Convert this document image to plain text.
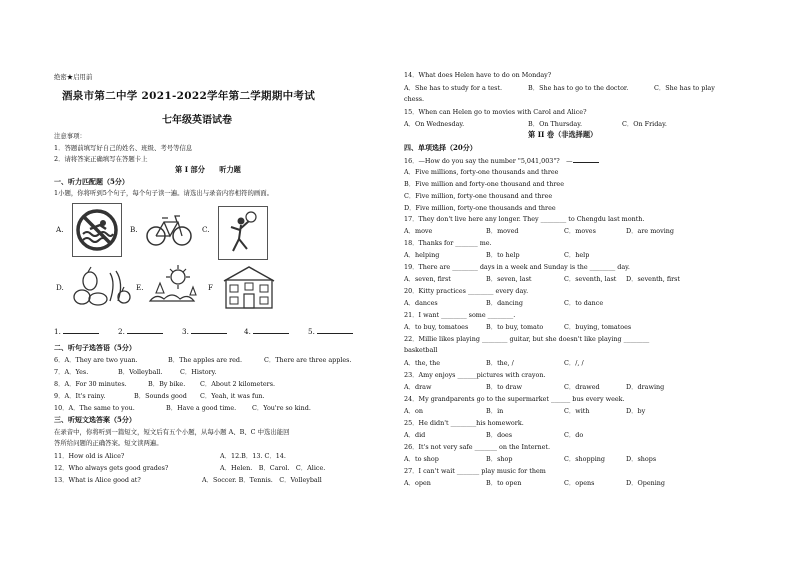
绝密★启用前
酒泉市第二中学 2021-2022学年第二学期期中考试
七年级英语试卷
注意事项：
1．答题前填写好自己的姓名、班级、考号等信息
2．请将答案正确填写在答题卡上
第 I 部分　　听力题
一、听力匹配题（5分）
1小题，你将听到5个句子，每个句子读一遍。请选出与录音内容相符的画面。
A.	B.	C.
D.	E.	F
1.	2.	3.	4.	5.
二、听句子选答语（5分）
6．A．They are two yuan.	B．The apples are red.	C．There are three apples.
7．A．Yes.	B．Volleyball.	C．History.
8．A．For 30 minutes.	B．By bike. C．About 2 kilometers.
9．A．It's rainy.	B．Sounds good C．Yeah, it was fun.
10．A．The same to you.	B．Have a good time. C．You're so kind.
三、听短文选答案（5分）
在录音中，你将听到一篇短文，短文后有五个小题，从每小题 A、B、C 中选出能回
答所给问题的正确答案。短文读两遍。
11．How old is Alice?	A．12.B．13. C．14.
12．Who always gets good grades?	A．Helen.　B．Carol.　C．Alice.
13．What is Alice good at?	A．Soccer. B．Tennis.　C．Volleyball
14．What does Helen have to do on Monday?
A．She has to study for a test.	B．She has to go to the doctor.	C．She has to play
chess.
15．When can Helen go to movies with Carol and Alice?
A．On Wednesday.	B．On Thursday.	C．On Friday.
第 II 卷（非选择题）
四、单项选择（20分）
16．—How do you say the number "5,041,003"?　—
A．Five millions, forty-one thousands and three
B．Five million and forty-one thousand and three
C．Five million, forty-one thousand and three
D．Five million, forty-one thousands and three
17．They don't live here any longer. They ________ to Chengdu last month.
A．move	B．moved	C．moves	D．are moving
18．Thanks for _______ me.
A．helping	B．to help	C．help
19．There are ________ days in a week and Sunday is the ________ day.
A．seven, first	B．seven, last	C．seventh, last D．seventh, first
20．Kitty practices ________ every day.
A．dances	B．dancing	C．to dance
21．I want ________ some ________.
A．to buy, tomatoes	B．to buy, tomato	C．buying, tomatoes
22．Millie likes playing ________ guitar, but she doesn't like playing ________
basketball
A．the, the	B．the, /	C．/, /
23．Amy enjoys ______pictures with crayon.
A．draw	B．to draw	C．drawed	D．drawing
24．My grandparents go to the supermarket ______ bus every week.
A．on	B．in	C．with	D．by
25．He didn't ________his homework.
A．did	B．does	C．do
26．It's not very safe _______ on the Internet.
A．to shop	B．shop	C．shopping	D．shops
27．I can't wait _______ play music for them
A．open	B．to open	C．opens	D．Opening
